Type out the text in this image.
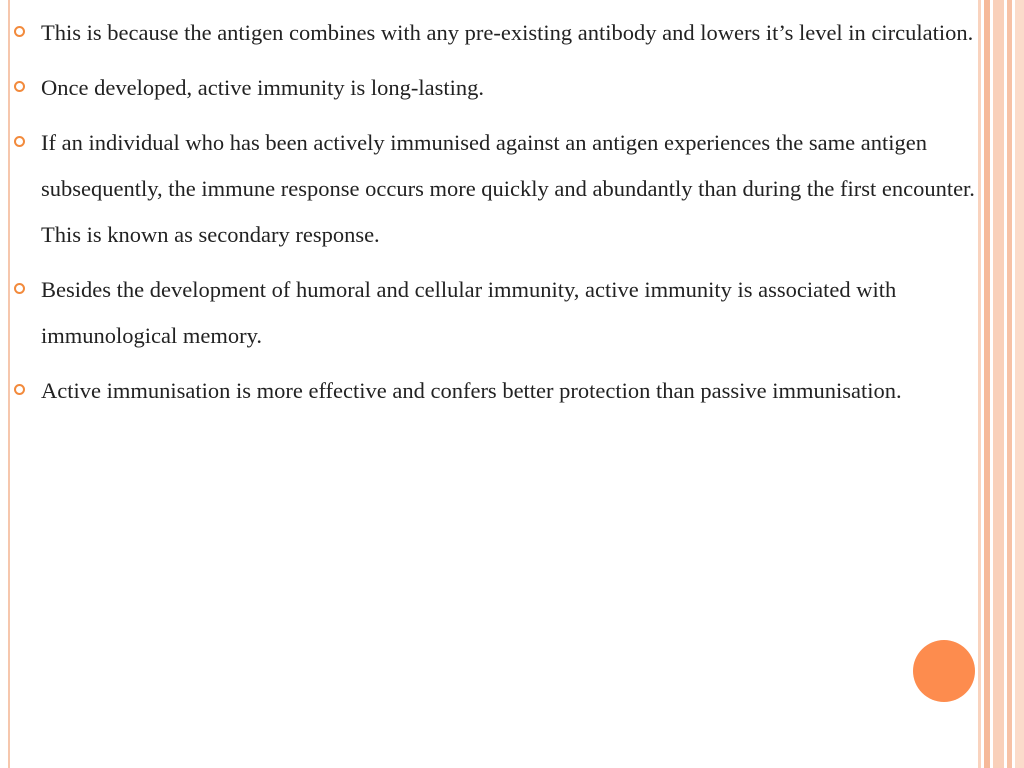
This is because the antigen combines with any pre-existing antibody and lowers it’s level in circulation.
Once developed, active immunity is long-lasting.
If an individual who has been actively immunised against an antigen experiences the same antigen subsequently, the immune response occurs more quickly and abundantly than during the first encounter. This is known as secondary response.
Besides the development of humoral and cellular immunity, active immunity is associated with immunological memory.
Active immunisation is more effective and confers better protection than passive immunisation.
